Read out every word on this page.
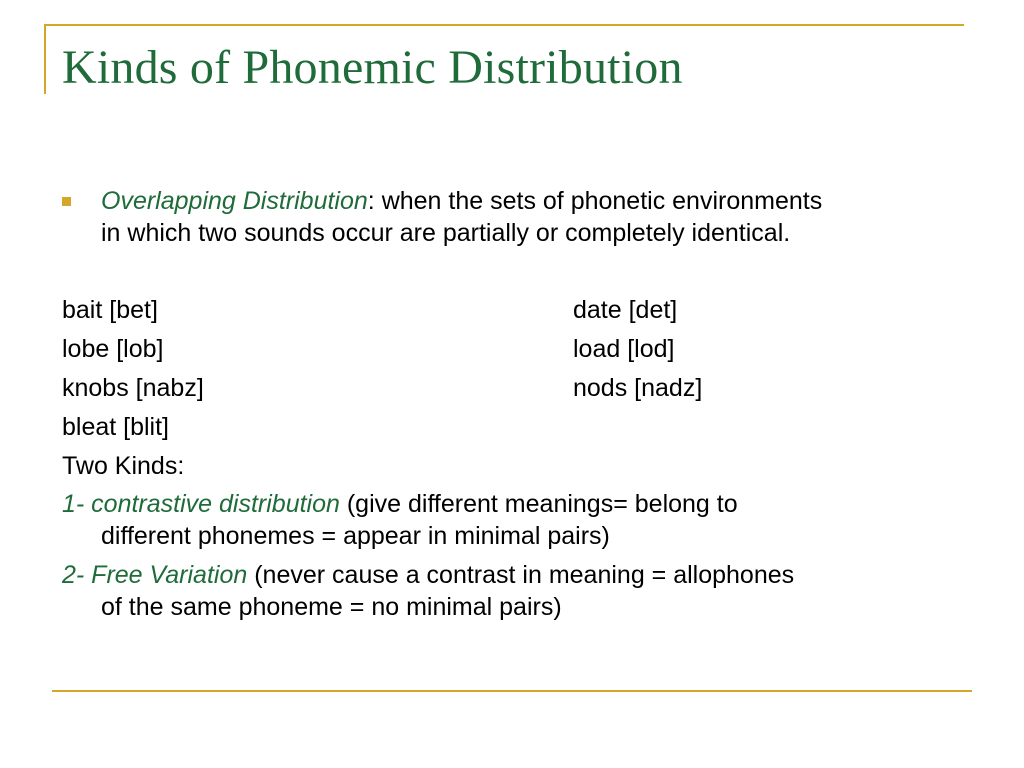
Kinds of Phonemic Distribution
Overlapping Distribution: when the sets of phonetic environments
in which two sounds occur are partially or completely identical.
bait [bet]	date [det]
lobe [lob]	load [lod]
knobs [nabz]	nods [nadz]
bleat [blit]
Two Kinds:
1- contrastive distribution (give different meanings= belong to
different phonemes = appear in minimal pairs)
2- Free Variation (never cause a contrast in meaning = allophones
of the same phoneme = no minimal pairs)
